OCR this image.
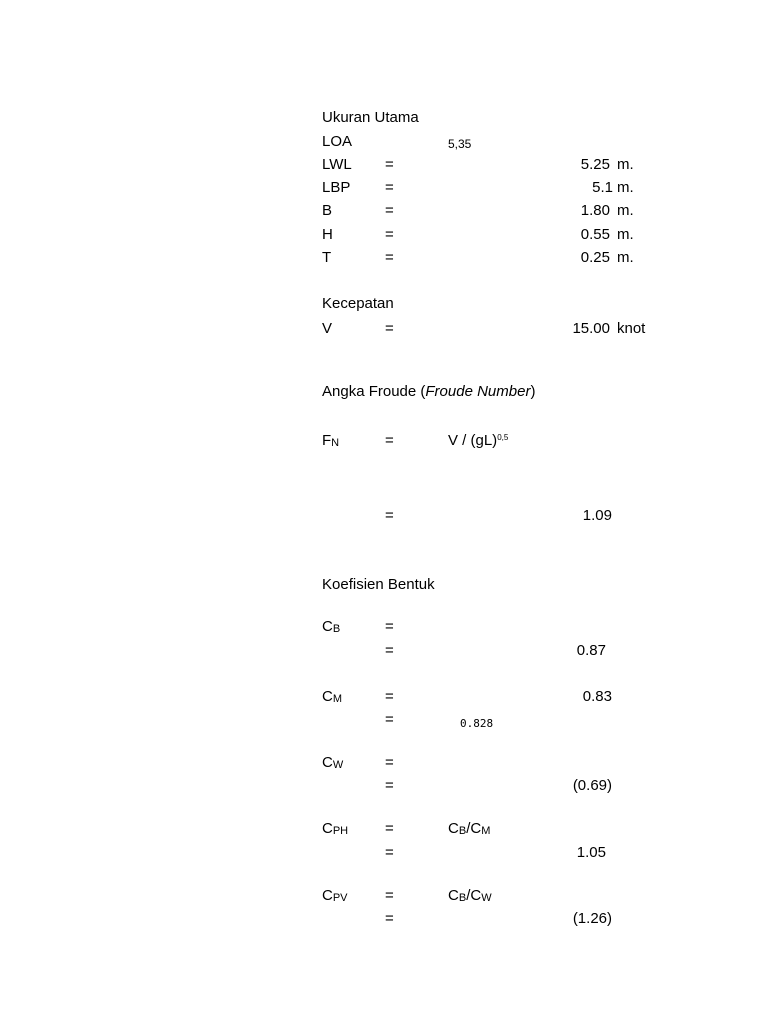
Ukuran Utama
LOA	5,35
LWL =	5.25 m.
LBP =	5.1 m.
B	=	1.80 m.
H	=	0.55 m.
T	=	0.25 m.
Kecepatan
V	=	15.00 knot
Angka Froude (Froude Number)
$F_N$	=	V / (gL)$^{0,5}$
=	1.09
Koefisien Bentuk
$C_B$	=
=	0.87
$C_M$	=	0.83
=	0.828
$C_W$	=
=	(0.69)
$C_{PH}$ =	$C_B/C_M$
=	1.05
$C_{PV}$ =	$C_B/C_W$
=	(1.26)
